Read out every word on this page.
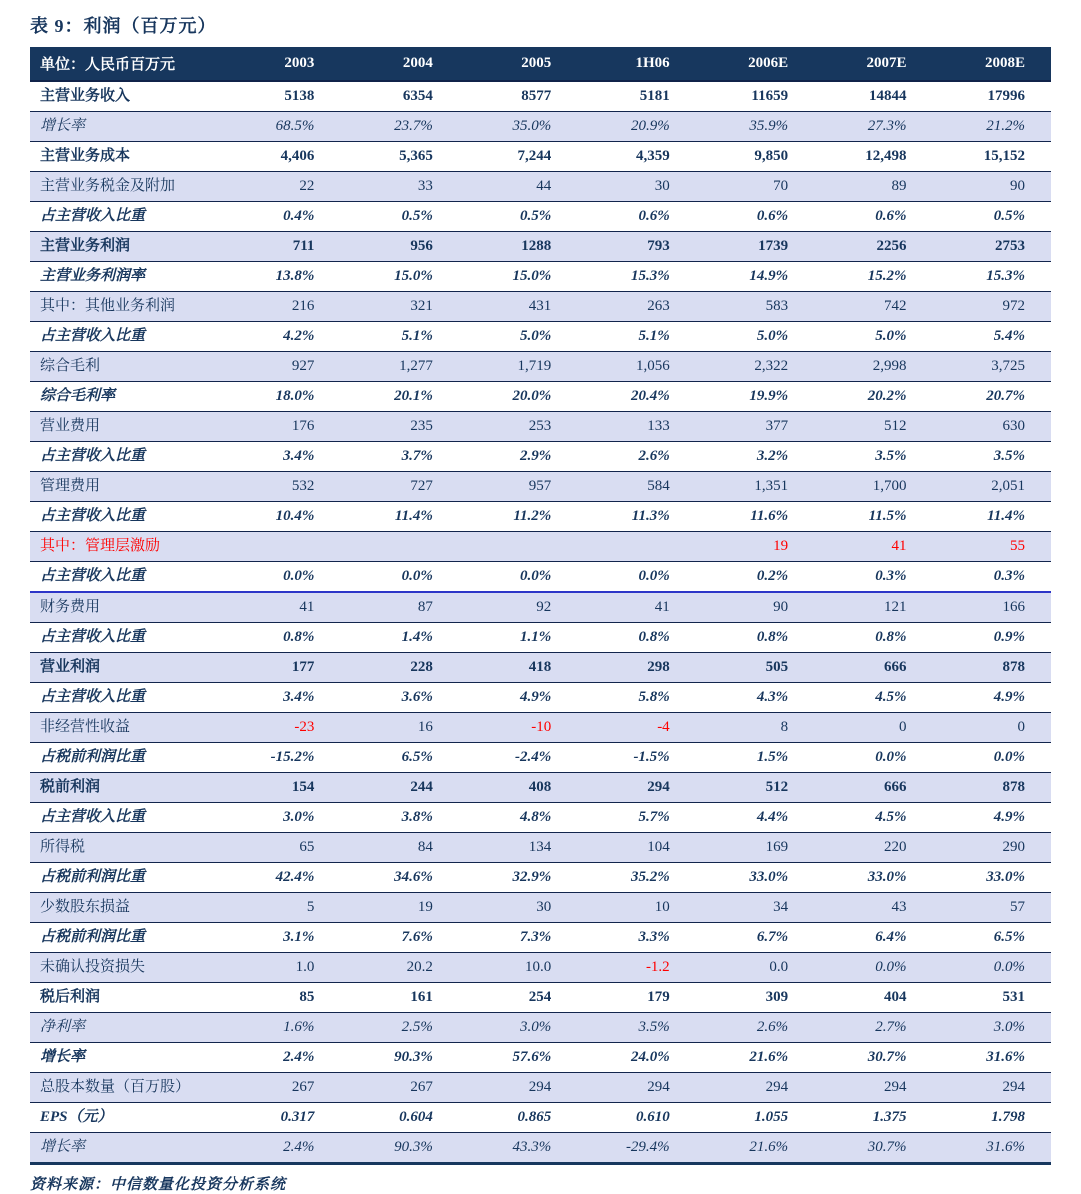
表 9：利润（百万元）
单位：人民币百万元	2003	2004	2005	1H06	2006E	2007E	2008E
主营业务收入	5138	6354	8577	5181	11659	14844	17996
增长率	68.5%	23.7%	35.0%	20.9%	35.9%	27.3%	21.2%
主营业务成本	4,406	5,365	7,244	4,359	9,850	12,498	15,152
主营业务税金及附加	22	33	44	30	70	89	90
占主营收入比重	0.4%	0.5%	0.5%	0.6%	0.6%	0.6%	0.5%
主营业务利润	711	956	1288	793	1739	2256	2753
主营业务利润率	13.8%	15.0%	15.0%	15.3%	14.9%	15.2%	15.3%
其中：其他业务利润	216	321	431	263	583	742	972
占主营收入比重	4.2%	5.1%	5.0%	5.1%	5.0%	5.0%	5.4%
综合毛利	927	1,277	1,719	1,056	2,322	2,998	3,725
综合毛利率	18.0%	20.1%	20.0%	20.4%	19.9%	20.2%	20.7%
营业费用	176	235	253	133	377	512	630
占主营收入比重	3.4%	3.7%	2.9%	2.6%	3.2%	3.5%	3.5%
管理费用	532	727	957	584	1,351	1,700	2,051
占主营收入比重	10.4%	11.4%	11.2%	11.3%	11.6%	11.5%	11.4%
其中：管理层激励					19	41	55
占主营收入比重	0.0%	0.0%	0.0%	0.0%	0.2%	0.3%	0.3%
财务费用	41	87	92	41	90	121	166
占主营收入比重	0.8%	1.4%	1.1%	0.8%	0.8%	0.8%	0.9%
营业利润	177	228	418	298	505	666	878
占主营收入比重	3.4%	3.6%	4.9%	5.8%	4.3%	4.5%	4.9%
非经营性收益	-23	16	-10	-4	8	0	0
占税前利润比重	-15.2%	6.5%	-2.4%	-1.5%	1.5%	0.0%	0.0%
税前利润	154	244	408	294	512	666	878
占主营收入比重	3.0%	3.8%	4.8%	5.7%	4.4%	4.5%	4.9%
所得税	65	84	134	104	169	220	290
占税前利润比重	42.4%	34.6%	32.9%	35.2%	33.0%	33.0%	33.0%
少数股东损益	5	19	30	10	34	43	57
占税前利润比重	3.1%	7.6%	7.3%	3.3%	6.7%	6.4%	6.5%
未确认投资损失	1.0	20.2	10.0	-1.2	0.0	0.0%	0.0%
税后利润	85	161	254	179	309	404	531
净利率	1.6%	2.5%	3.0%	3.5%	2.6%	2.7%	3.0%
增长率	2.4%	90.3%	57.6%	24.0%	21.6%	30.7%	31.6%
总股本数量（百万股）	267	267	294	294	294	294	294
EPS（元）	0.317	0.604	0.865	0.610	1.055	1.375	1.798
增长率	2.4%	90.3%	43.3%	-29.4%	21.6%	30.7%	31.6%
资料来源：中信数量化投资分析系统
